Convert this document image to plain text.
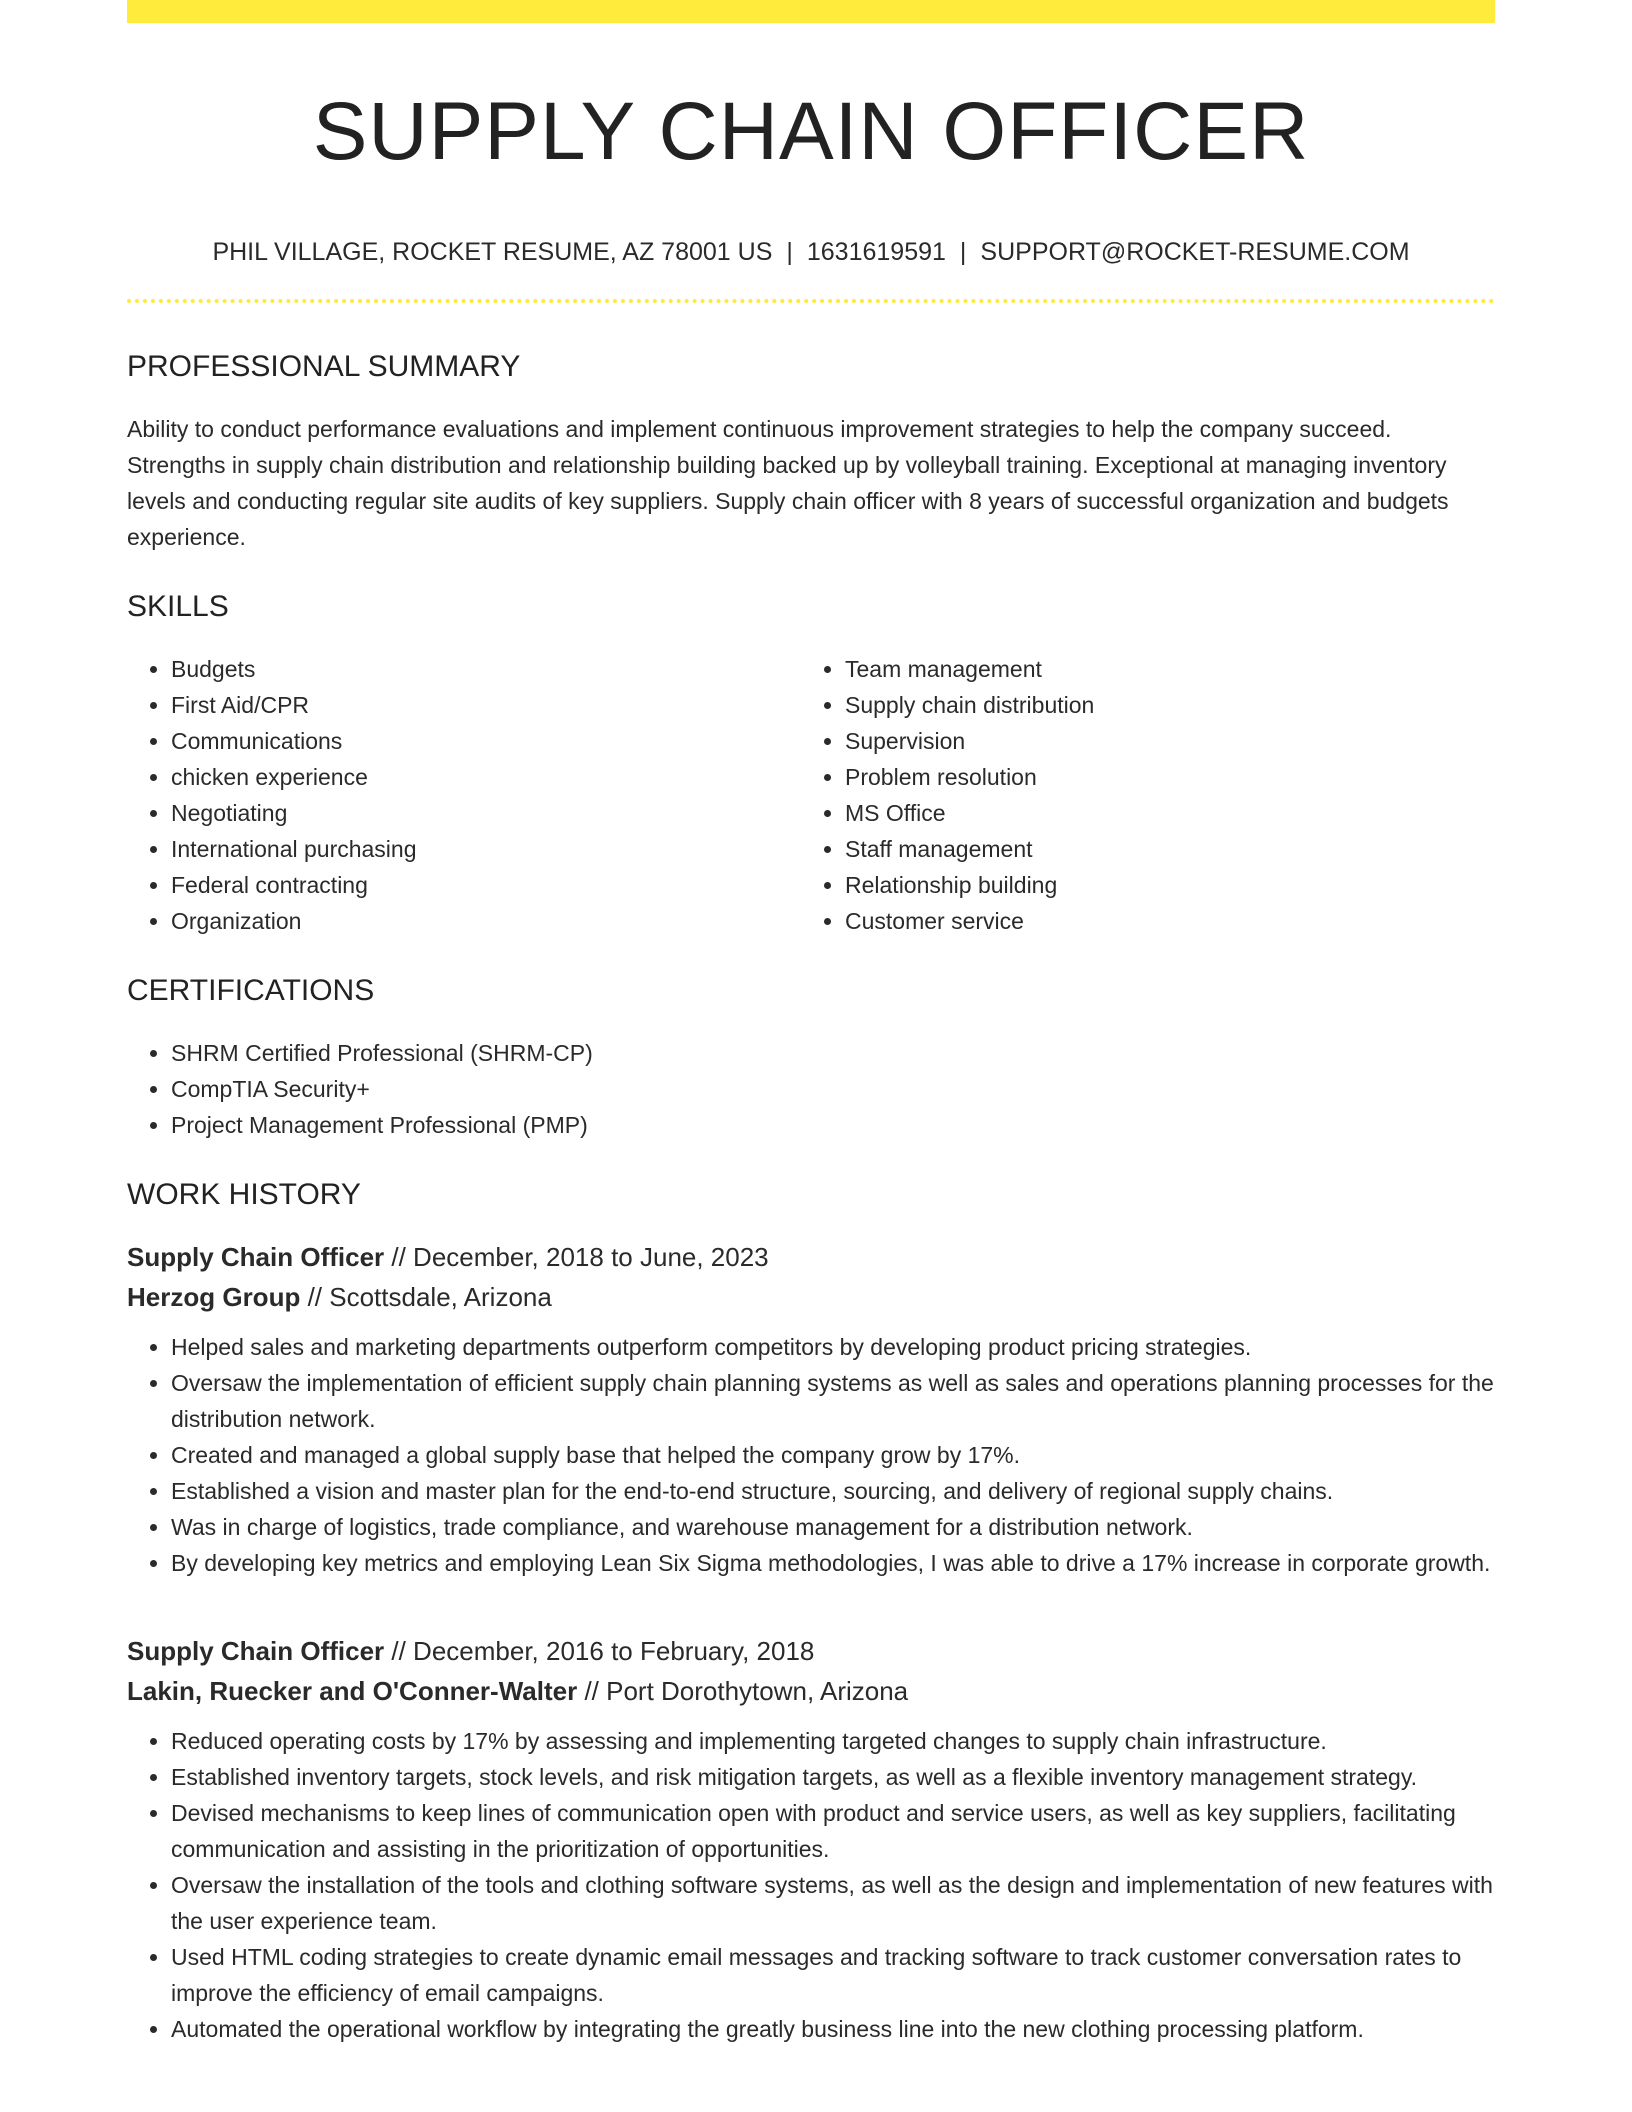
SUPPLY CHAIN OFFICER
PHIL VILLAGE, ROCKET RESUME, AZ 78001 US | 1631619591 | SUPPORT@ROCKET-RESUME.COM
PROFESSIONAL SUMMARY

Ability to conduct performance evaluations and implement continuous improvement strategies to help the company succeed. Strengths in supply chain distribution and relationship building backed up by volleyball training. Exceptional at managing inventory levels and conducting regular site audits of key suppliers. Supply chain officer with 8 years of successful organization and budgets experience.

SKILLS
• Budgets
• First Aid/CPR
• Communications
• chicken experience
• Negotiating
• International purchasing
• Federal contracting
• Organization
• Team management
• Supply chain distribution
• Supervision
• Problem resolution
• MS Office
• Staff management
• Relationship building
• Customer service
CERTIFICATIONS
• SHRM Certified Professional (SHRM-CP)
• CompTIA Security+
• Project Management Professional (PMP)
WORK HISTORY
Supply Chain Officer // December, 2018 to June, 2023
Herzog Group // Scottsdale, Arizona
• Helped sales and marketing departments outperform competitors by developing product pricing strategies.
• Oversaw the implementation of efficient supply chain planning systems as well as sales and operations planning processes for the distribution network.
• Created and managed a global supply base that helped the company grow by 17%.
• Established a vision and master plan for the end-to-end structure, sourcing, and delivery of regional supply chains.
• Was in charge of logistics, trade compliance, and warehouse management for a distribution network.
• By developing key metrics and employing Lean Six Sigma methodologies, I was able to drive a 17% increase in corporate growth.
Supply Chain Officer // December, 2016 to February, 2018
Lakin, Ruecker and O'Conner-Walter // Port Dorothytown, Arizona
• Reduced operating costs by 17% by assessing and implementing targeted changes to supply chain infrastructure.
• Established inventory targets, stock levels, and risk mitigation targets, as well as a flexible inventory management strategy.
• Devised mechanisms to keep lines of communication open with product and service users, as well as key suppliers, facilitating communication and assisting in the prioritization of opportunities.
• Oversaw the installation of the tools and clothing software systems, as well as the design and implementation of new features with the user experience team.
• Used HTML coding strategies to create dynamic email messages and tracking software to track customer conversation rates to improve the efficiency of email campaigns.
• Automated the operational workflow by integrating the greatly business line into the new clothing processing platform.
